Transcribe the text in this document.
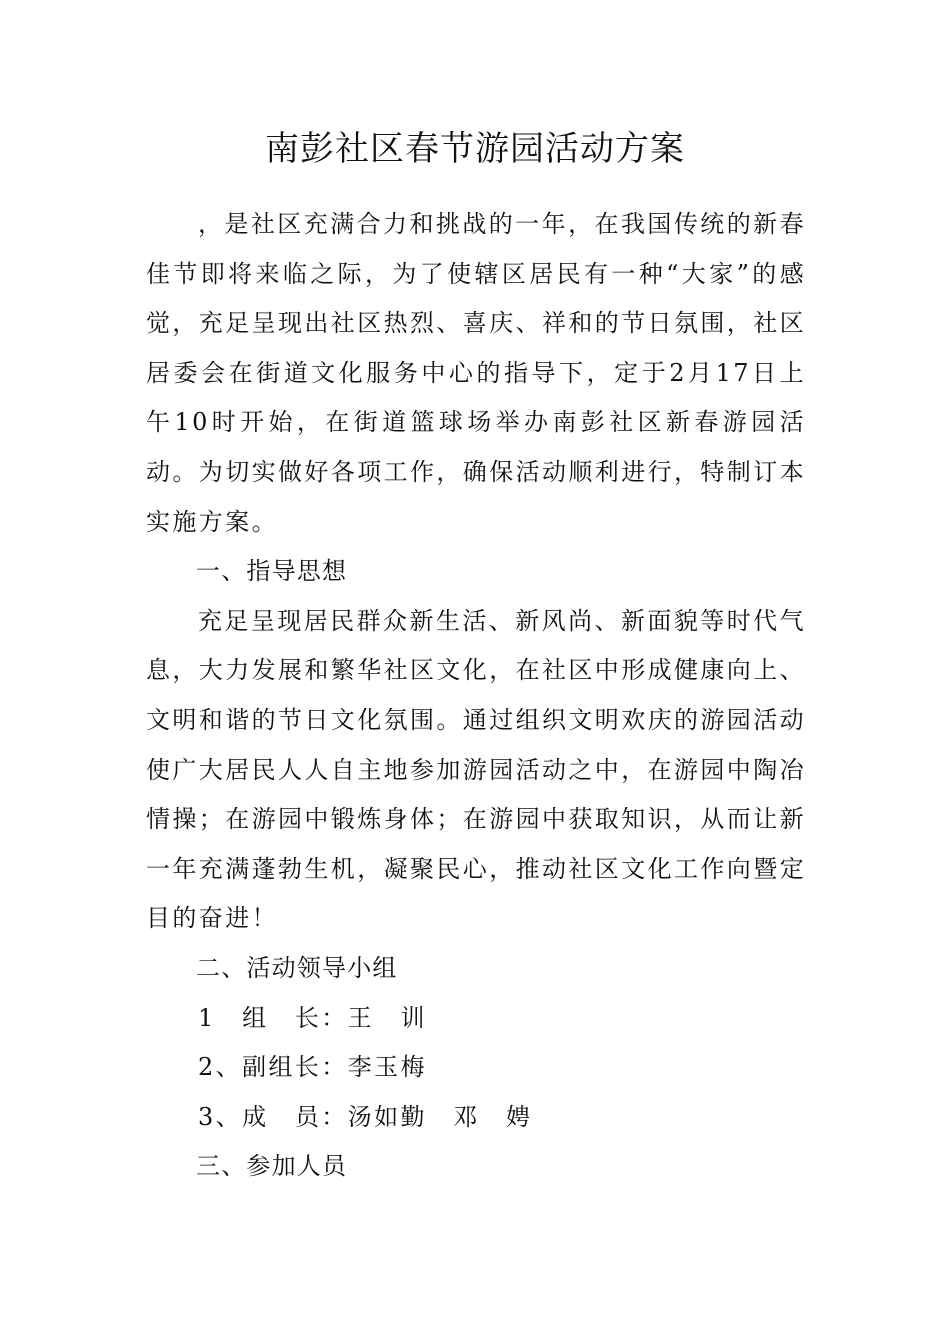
南彭社区春节游园活动方案

，是社区充满合力和挑战的一年，在我国传统的新春佳节即将来临之际，为了使辖区居民有一种“大家”的感觉，充足呈现出社区热烈、喜庆、祥和的节日氛围，社区居委会在街道文化服务中心的指导下，定于2月17日上午10时开始，在街道篮球场举办南彭社区新春游园活动。为切实做好各项工作，确保活动顺利进行，特制订本实施方案。

一、指导思想

充足呈现居民群众新生活、新风尚、新面貌等时代气息，大力发展和繁华社区文化，在社区中形成健康向上、文明和谐的节日文化氛围。通过组织文明欢庆的游园活动使广大居民人人自主地参加游园活动之中，在游园中陶冶情操；在游园中锻炼身体；在游园中获取知识，从而让新一年充满蓬勃生机，凝聚民心，推动社区文化工作向暨定目的奋进！

二、活动领导小组

1　组　长：王　训

2、副组长：李玉梅

3、成　员：汤如勤　邓　娉

三、参加人员
